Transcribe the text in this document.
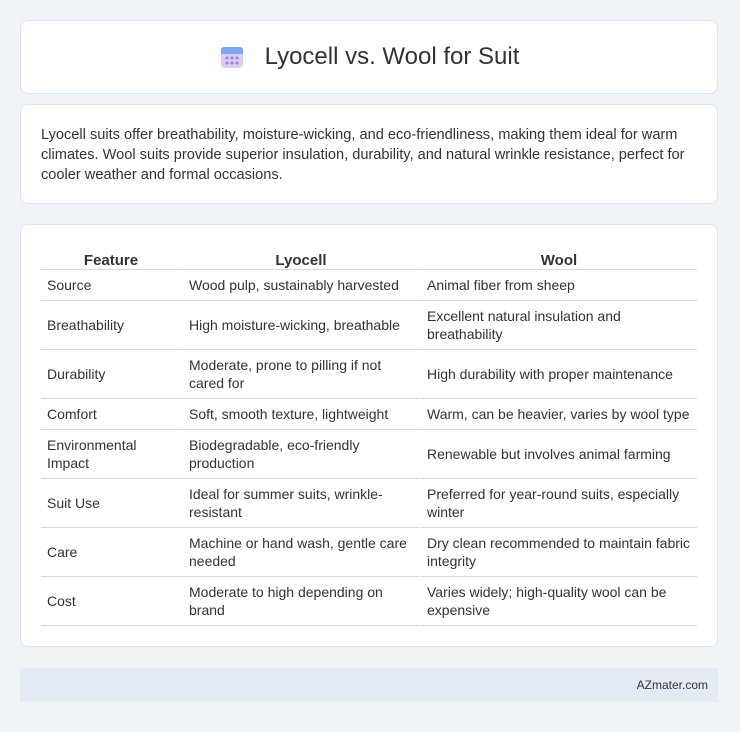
Lyocell vs. Wool for Suit

Lyocell suits offer breathability, moisture-wicking, and eco-friendliness, making them ideal for warm climates. Wool suits provide superior insulation, durability, and natural wrinkle resistance, perfect for cooler weather and formal occasions.

Feature	Lyocell	Wool
Source	Wood pulp, sustainably harvested	Animal fiber from sheep
Breathability	High moisture-wicking, breathable	Excellent natural insulation and breathability
Durability	Moderate, prone to pilling if not cared for	High durability with proper maintenance
Comfort	Soft, smooth texture, lightweight	Warm, can be heavier, varies by wool type
Environmental Impact	Biodegradable, eco-friendly production	Renewable but involves animal farming
Suit Use	Ideal for summer suits, wrinkle-resistant	Preferred for year-round suits, especially winter
Care	Machine or hand wash, gentle care needed	Dry clean recommended to maintain fabric integrity
Cost	Moderate to high depending on brand	Varies widely; high-quality wool can be expensive
AZmater.com
